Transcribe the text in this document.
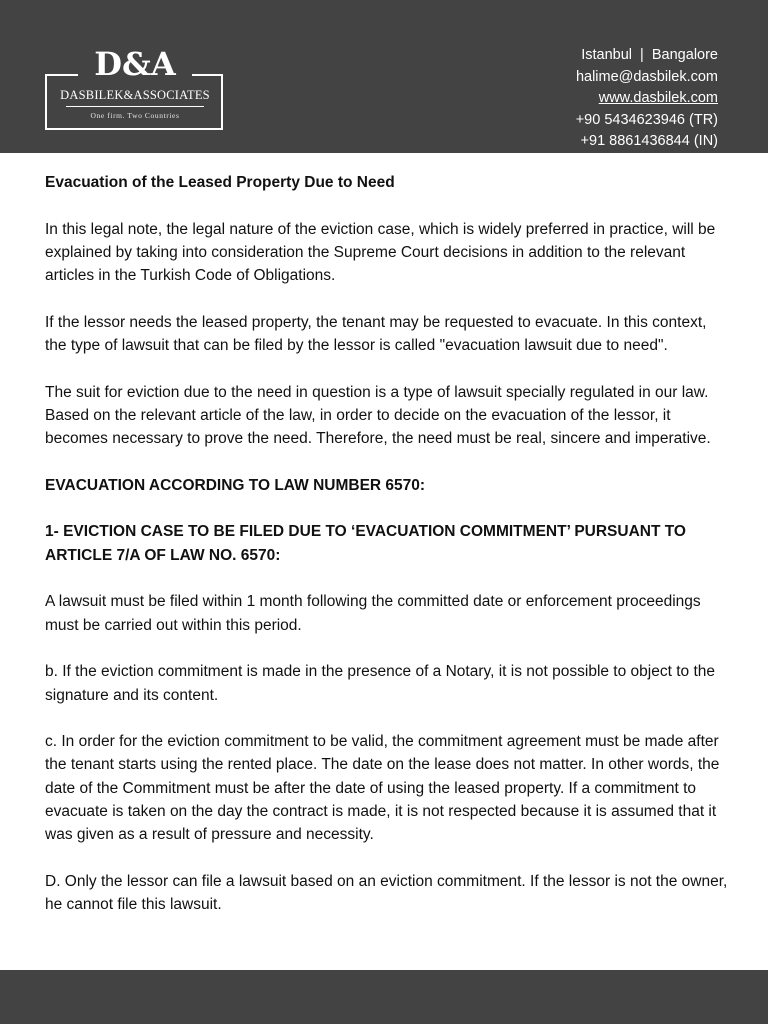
D&A
DASBILEK&ASSOCIATES
One firm. Two Countries
Istanbul  |  Bangalore
halime@dasbilek.com
www.dasbilek.com
+90 5434623946 (TR)
+91 8861436844 (IN)

Evacuation of the Leased Property Due to Need

In this legal note, the legal nature of the eviction case, which is widely preferred in practice, will be explained by taking into consideration the Supreme Court decisions in addition to the relevant articles in the Turkish Code of Obligations.

If the lessor needs the leased property, the tenant may be requested to evacuate. In this context, the type of lawsuit that can be filed by the lessor is called "evacuation lawsuit due to need".

The suit for eviction due to the need in question is a type of lawsuit specially regulated in our law. Based on the relevant article of the law, in order to decide on the evacuation of the lessor, it becomes necessary to prove the need. Therefore, the need must be real, sincere and imperative.

EVACUATION ACCORDING TO LAW NUMBER 6570:

1- EVICTION CASE TO BE FILED DUE TO ‘EVACUATION COMMITMENT’ PURSUANT TO ARTICLE 7/A OF LAW NO. 6570:

A lawsuit must be filed within 1 month following the committed date or enforcement proceedings must be carried out within this period.

b. If the eviction commitment is made in the presence of a Notary, it is not possible to object to the signature and its content.

c. In order for the eviction commitment to be valid, the commitment agreement must be made after the tenant starts using the rented place. The date on the lease does not matter. In other words, the date of the Commitment must be after the date of using the leased property. If a commitment to evacuate is taken on the day the contract is made, it is not respected because it is assumed that it was given as a result of pressure and necessity.

D. Only the lessor can file a lawsuit based on an eviction commitment. If the lessor is not the owner, he cannot file this lawsuit.
